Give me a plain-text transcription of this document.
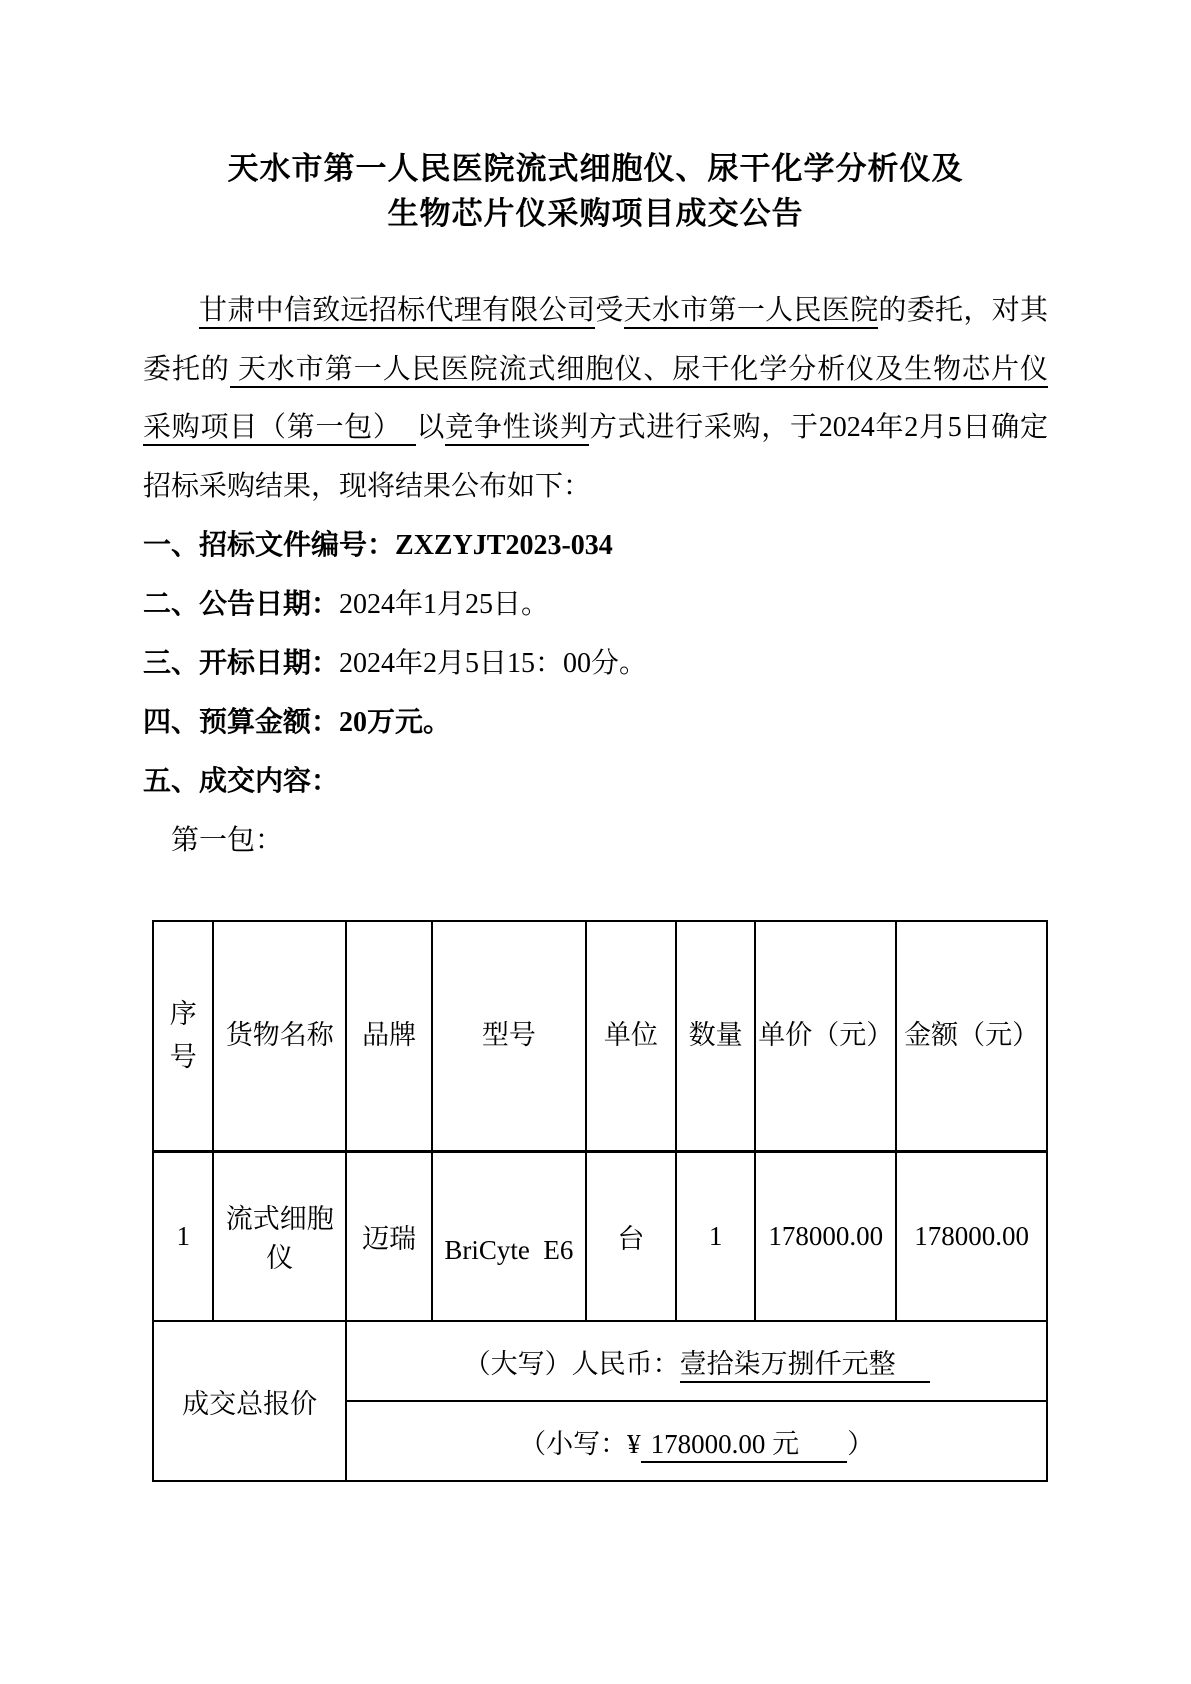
天水市第一人民医院流式细胞仪、尿干化学分析仪及
生物芯片仪采购项目成交公告
甘肃中信致远招标代理有限公司受天水市第一人民医院的委托，对其
委托的 天水市第一人民医院流式细胞仪、尿干化学分析仪及生物芯片仪
采购项目（第一包）　以竞争性谈判方式进行采购，于2024年2月5日确定
招标采购结果，现将结果公布如下：
一、招标文件编号：ZXZYJT2023-034
二、公告日期：2024年1月25日。
三、开标日期：2024年2月5日15：00分。
四、预算金额：20万元。
五、成交内容：
第一包：
序号	货物名称	品牌	型号	单位	数量	单价（元）	金额（元）
1	流式细胞仪	迈瑞	BriCyte  E6	台	1	178000.00	178000.00
成交总报价		（大写）人民币：壹拾柒万捌仟元整					
		（小写：¥ 178000.00 元 ）					
